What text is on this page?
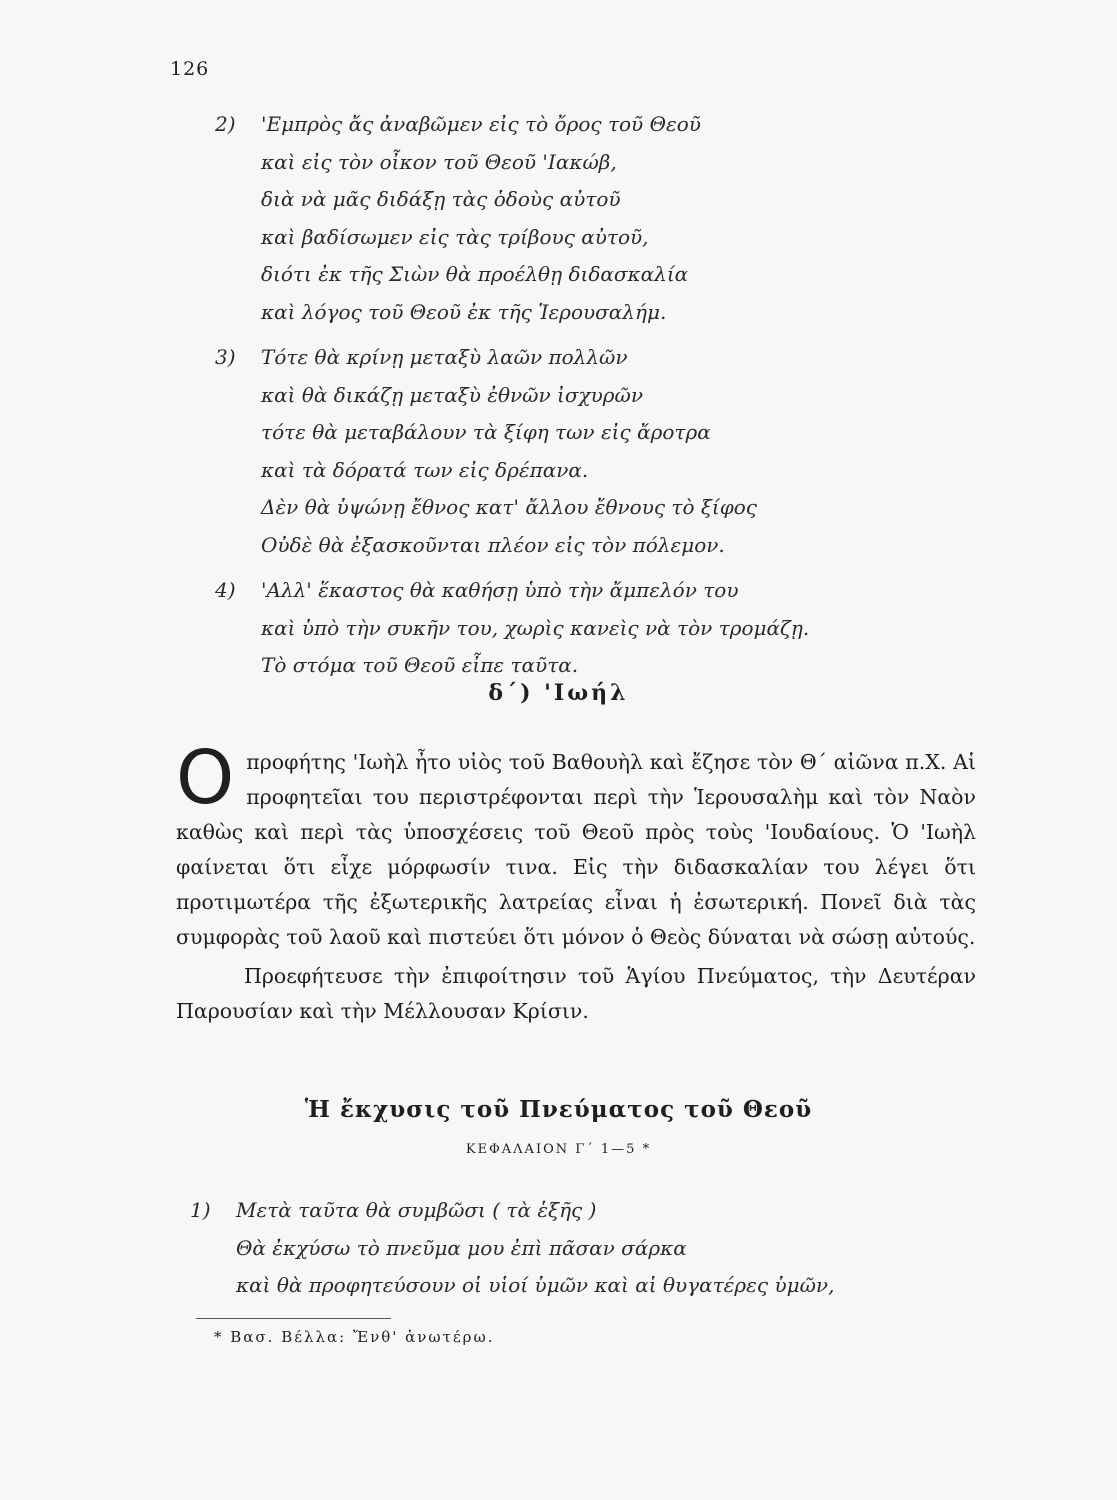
126
2) 'Εμπρὸς ἄς ἀναβῶμεν εἰς τὸ ὄρος τοῦ Θεοῦ
καὶ εἰς τὸν οἶκον τοῦ Θεοῦ 'Ιακώβ,
διὰ νὰ μᾶς διδάξῃ τὰς ὁδοὺς αὐτοῦ
καὶ βαδίσωμεν εἰς τὰς τρίβους αὐτοῦ,
διότι ἐκ τῆς Σιὼν θὰ προέλθῃ διδασκαλία
καὶ λόγος τοῦ Θεοῦ ἐκ τῆς Ἱερουσαλήμ.
3) Τότε θὰ κρίνῃ μεταξὺ λαῶν πολλῶν
καὶ θὰ δικάζῃ μεταξὺ ἐθνῶν ἰσχυρῶν
τότε θὰ μεταβάλουν τὰ ξίφη των εἰς ἄροτρα
καὶ τὰ δόρατά των εἰς δρέπανα.
Δὲν θὰ ὑψώνῃ ἔθνος κατ' ἄλλου ἔθνους τὸ ξίφος
Οὐδὲ θὰ ἐξασκοῦνται πλέον εἰς τὸν πόλεμον.
4) 'Αλλ' ἕκαστος θὰ καθήσῃ ὑπὸ τὴν ἄμπελόν του
καὶ ὑπὸ τὴν συκῆν του, χωρὶς κανεὶς νὰ τὸν τρομάζῃ.
Τὸ στόμα τοῦ Θεοῦ εἶπε ταῦτα.
δ΄) 'Ιωήλ

Οπροφήτης 'Ιωὴλ ἦτο υἱὸς τοῦ Βαθουὴλ καὶ ἔζησε τὸν Θ΄ αἰῶνα π.Χ. Αἱ προφητεῖαι του περιστρέφονται περὶ τὴν Ἱερουσαλὴμ καὶ τὸν Ναὸν καθὼς καὶ περὶ τὰς ὑποσχέσεις τοῦ Θεοῦ πρὸς τοὺς 'Ιουδαίους. Ὁ 'Ιωὴλ φαίνεται ὅτι εἶχε μόρφωσίν τινα. Εἰς τὴν διδασκαλίαν του λέγει ὅτι προτιμωτέρα τῆς ἐξωτερικῆς λατρείας εἶναι ἡ ἐσωτερική. Πονεῖ διὰ τὰς συμφορὰς τοῦ λαοῦ καὶ πιστεύει ὅτι μόνον ὁ Θεὸς δύναται νὰ σώσῃ αὐτούς.

Προεφήτευσε τὴν ἐπιφοίτησιν τοῦ Ἁγίου Πνεύματος, τὴν Δευτέραν Παρουσίαν καὶ τὴν Μέλλουσαν Κρίσιν.

Ἡ ἔκχυσις τοῦ Πνεύματος τοῦ Θεοῦ
ΚΕΦΑΛΑΙΟΝ Γ΄ 1—5 *
1) Μετὰ ταῦτα θὰ συμβῶσι ( τὰ ἑξῆς )
Θὰ ἐκχύσω τὸ πνεῦμα μου ἐπὶ πᾶσαν σάρκα
καὶ θὰ προφητεύσουν οἱ υἱοί ὑμῶν καὶ αἱ θυγατέρες ὑμῶν,
* Βασ. Βέλλα: Ἔνθ' ἀνωτέρω.
